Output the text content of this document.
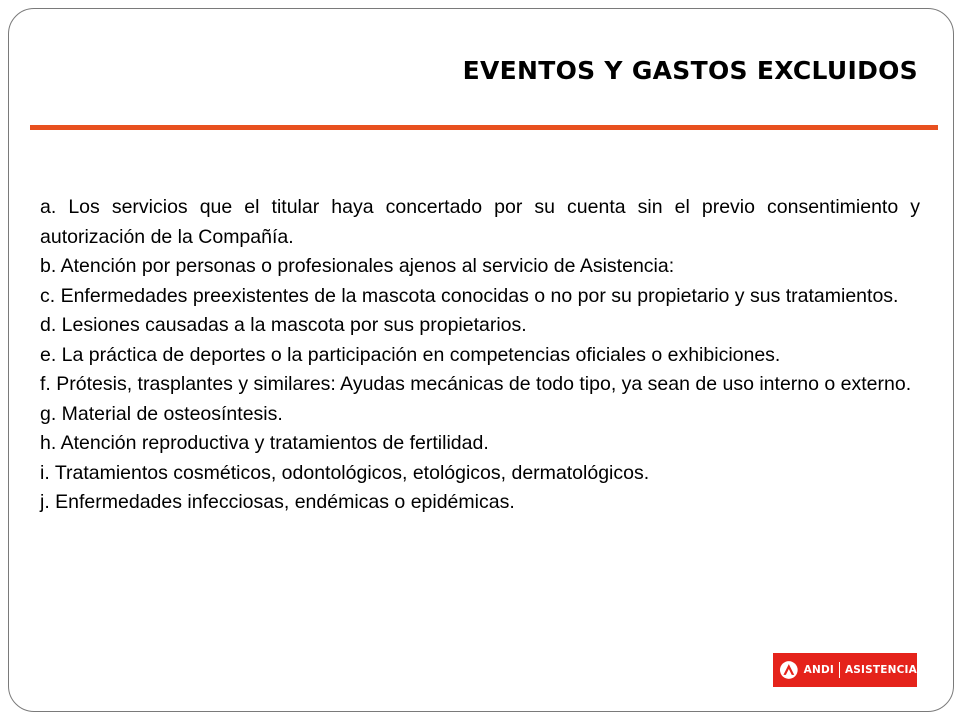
EVENTOS Y GASTOS EXCLUIDOS

a. Los servicios que el titular haya concertado por su cuenta sin el previo consentimiento y autorización de la Compañía.

b. Atención por personas o profesionales ajenos al servicio de Asistencia:

c. Enfermedades preexistentes de la mascota conocidas o no por su propietario y sus tratamientos.

d. Lesiones causadas a la mascota por sus propietarios.

e. La práctica de deportes o la participación en competencias oficiales o exhibiciones.

f. Prótesis, trasplantes y similares: Ayudas mecánicas de todo tipo, ya sean de uso interno o externo.

g. Material de osteosíntesis.

h. Atención reproductiva y tratamientos de fertilidad.

i. Tratamientos cosméticos, odontológicos, etológicos, dermatológicos.

j. Enfermedades infecciosas, endémicas o epidémicas.

ANDI ASISTENCIA
